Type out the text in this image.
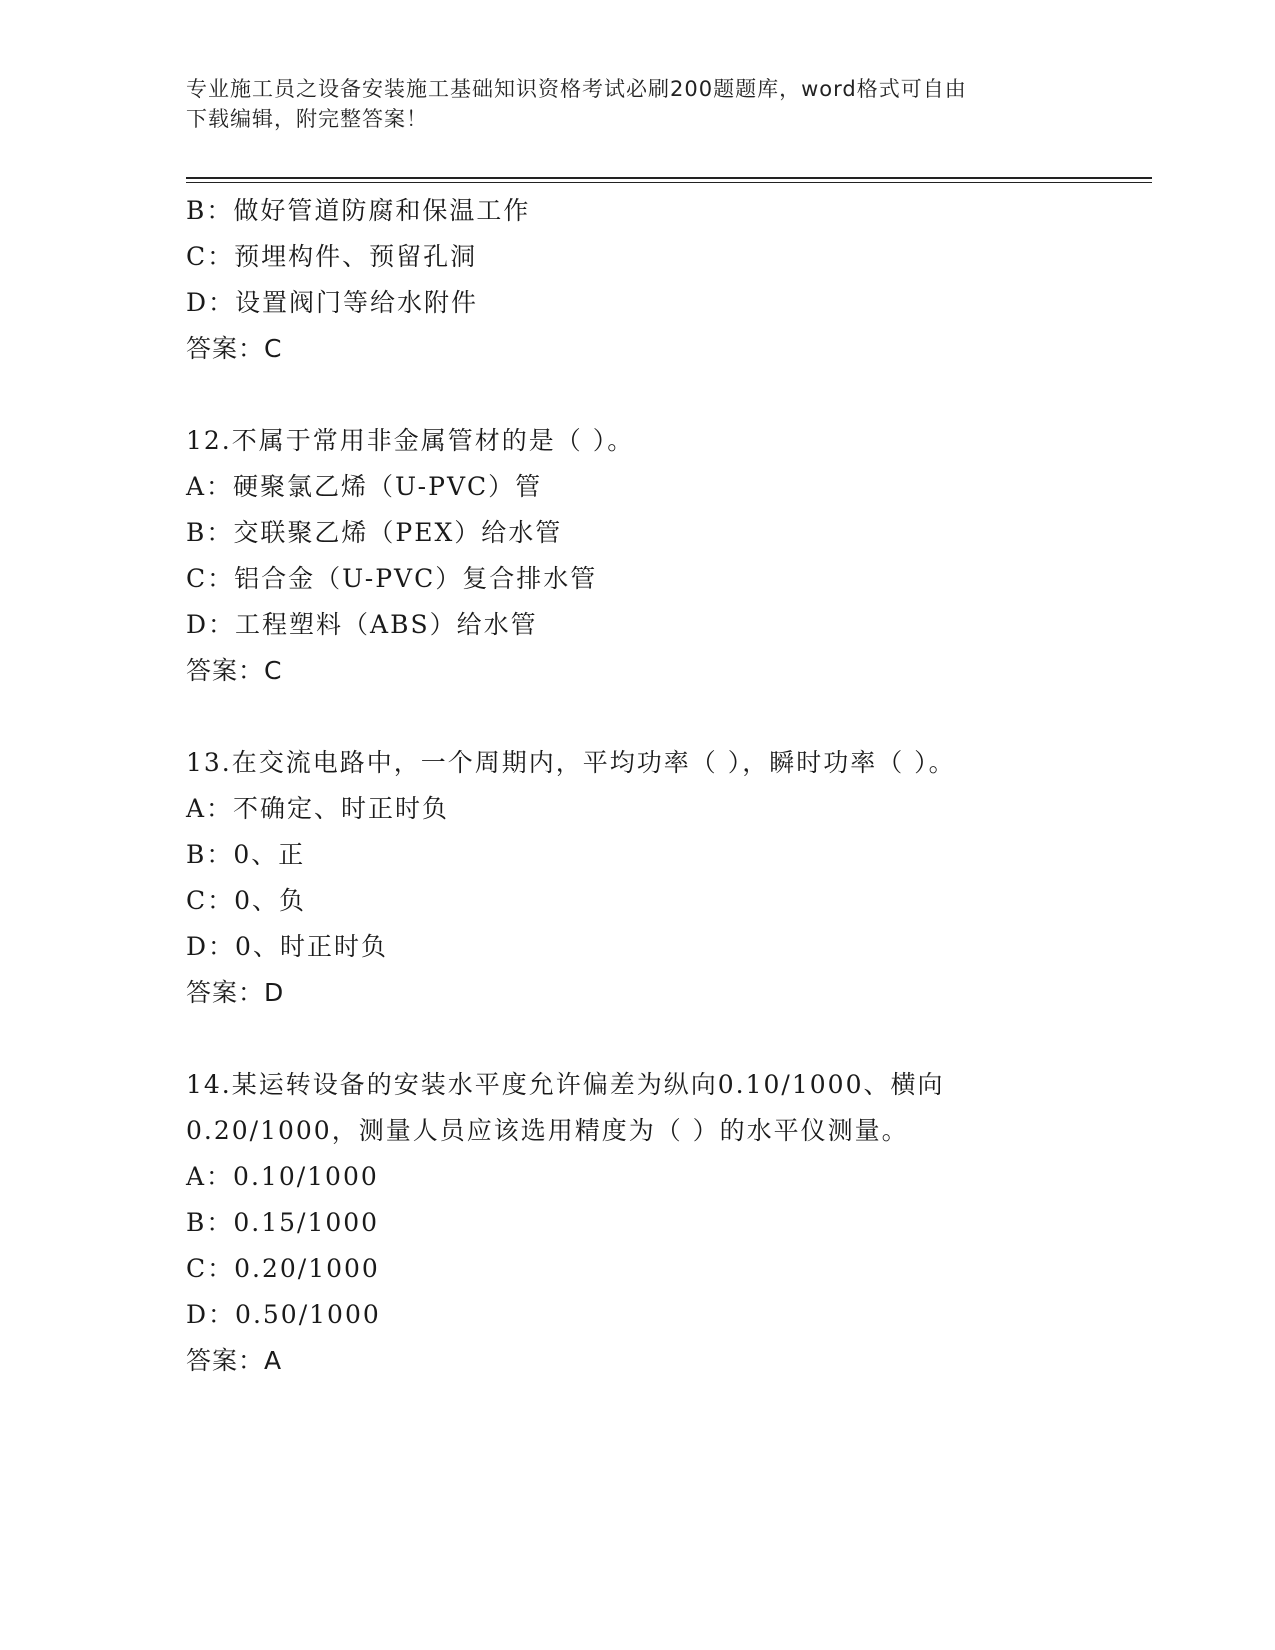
专业施工员之设备安装施工基础知识资格考试必刷200题题库，word格式可自由
下载编辑，附完整答案！
B：做好管道防腐和保温工作
C：预埋构件、预留孔洞
D：设置阀门等给水附件
答案：C
12.不属于常用非金属管材的是（ ）。
A：硬聚氯乙烯（U-PVC）管
B：交联聚乙烯（PEX）给水管
C：铝合金（U-PVC）复合排水管
D：工程塑料（ABS）给水管
答案：C
13.在交流电路中，一个周期内，平均功率（ ），瞬时功率（ ）。
A：不确定、时正时负
B：0、正
C：0、负
D：0、时正时负
答案：D
14.某运转设备的安装水平度允许偏差为纵向0.10/1000、横向
0.20/1000，测量人员应该选用精度为（ ）的水平仪测量。
A：0.10/1000
B：0.15/1000
C：0.20/1000
D：0.50/1000
答案：A
